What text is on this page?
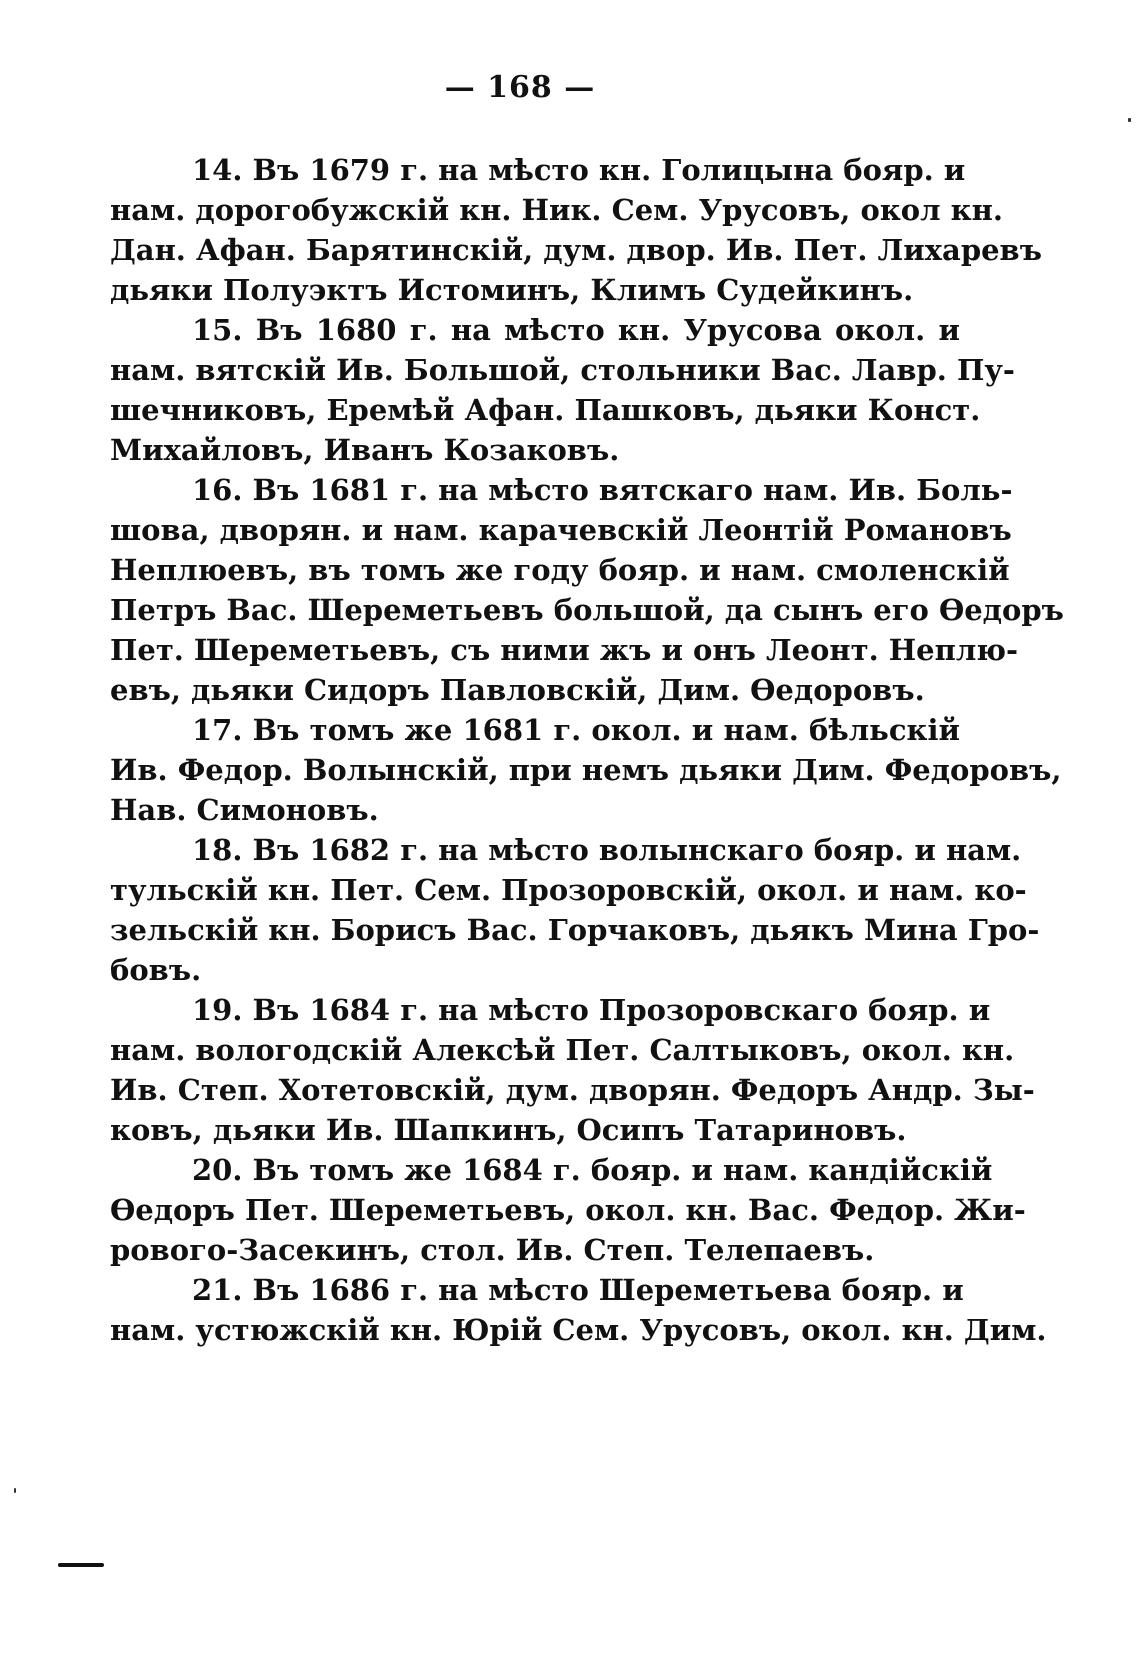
— 168 —
14. Въ 1679 г. на мѣсто кн. Голицына бояр. и
нам. дорогобужскій кн. Ник. Сем. Урусовъ, окол кн.
Дан. Афан. Барятинскій, дум. двор. Ив. Пет. Лихаревъ
дьяки Полуэктъ Истоминъ, Климъ Судейкинъ.
15. Въ 1680 г. на мѣсто кн. Урусова окол. и
нам. вятскій Ив. Большой, стольники Вас. Лавр. Пу-
шечниковъ, Еремѣй Афан. Пашковъ, дьяки Конст.
Михайловъ, Иванъ Козаковъ.
16. Въ 1681 г. на мѣсто вятскаго нам. Ив. Боль-
шова, дворян. и нам. карачевскій Леонтій Романовъ
Неплюевъ, въ томъ же году бояр. и нам. смоленскій
Петръ Вас. Шереметьевъ большой, да сынъ его Өедоръ
Пет. Шереметьевъ, съ ними жъ и онъ Леонт. Неплю-
евъ, дьяки Сидоръ Павловскій, Дим. Өедоровъ.
17. Въ томъ же 1681 г. окол. и нам. бѣльскій
Ив. Федор. Волынскій, при немъ дьяки Дим. Федоровъ,
Нав. Симоновъ.
18. Въ 1682 г. на мѣсто волынскаго бояр. и нам.
тульскій кн. Пет. Сем. Прозоровскій, окол. и нам. ко-
зельскій кн. Борисъ Вас. Горчаковъ, дьякъ Мина Гро-
бовъ.
19. Въ 1684 г. на мѣсто Прозоровскаго бояр. и
нам. вологодскій Алексѣй Пет. Салтыковъ, окол. кн.
Ив. Степ. Хотетовскій, дум. дворян. Федоръ Андр. Зы-
ковъ, дьяки Ив. Шапкинъ, Осипъ Татариновъ.
20. Въ томъ же 1684 г. бояр. и нам. кандійскій
Өедоръ Пет. Шереметьевъ, окол. кн. Вас. Федор. Жи-
рового-Засекинъ, стол. Ив. Степ. Телепаевъ.
21. Въ 1686 г. на мѣсто Шереметьева бояр. и
нам. устюжскій кн. Юрій Сем. Урусовъ, окол. кн. Дим.
